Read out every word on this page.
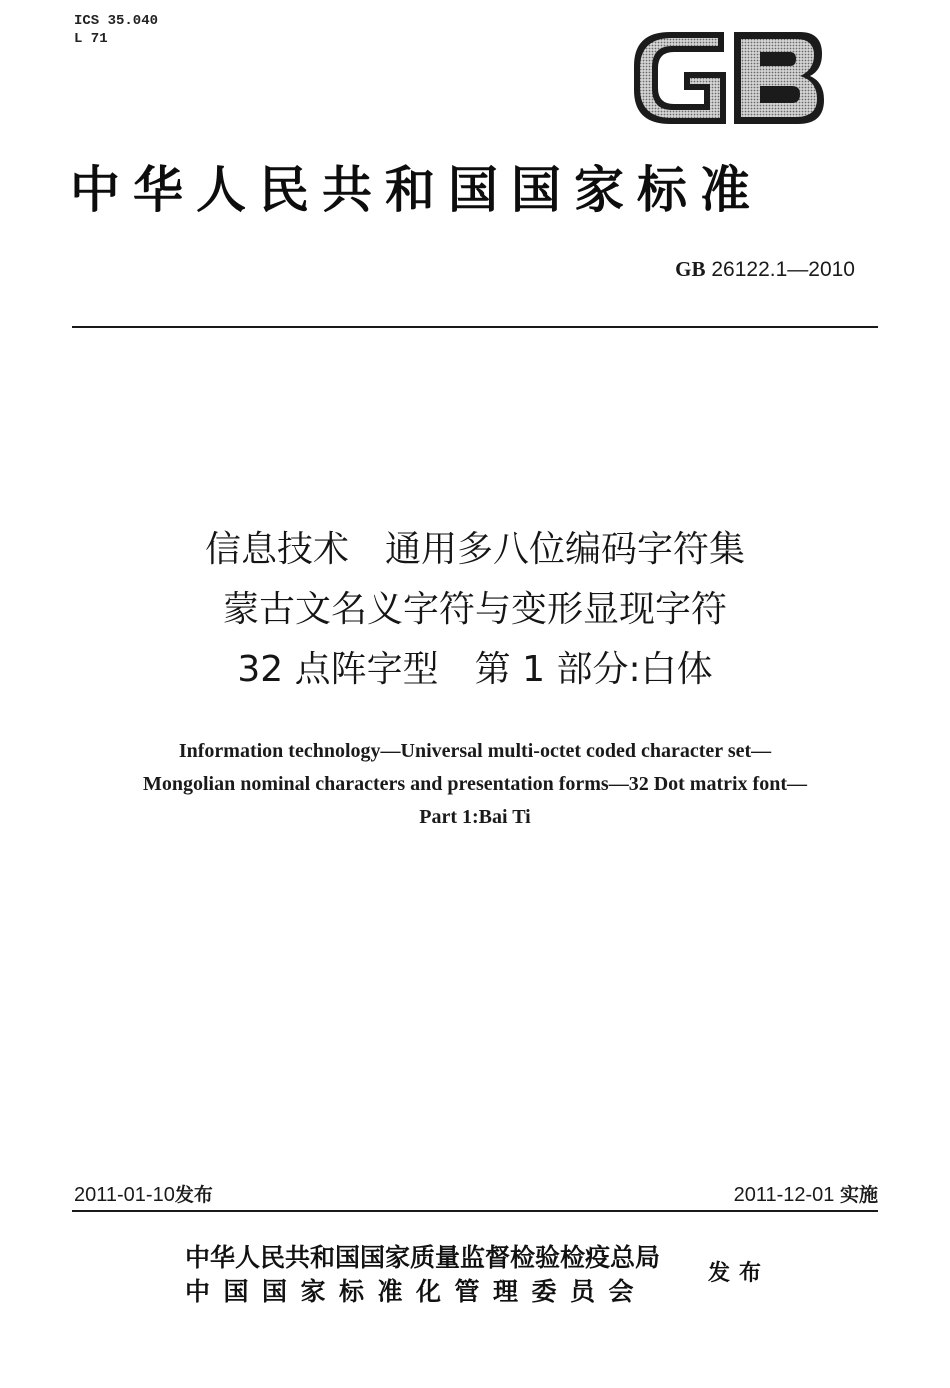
ICS 35.040
L 71
中华人民共和国国家标准
GB 26122.1—2010
信息技术　通用多八位编码字符集
蒙古文名义字符与变形显现字符
32 点阵字型　第 1 部分:白体
Information technology—Universal multi-octet coded character set—
Mongolian nominal characters and presentation forms—32 Dot matrix font—
Part 1:Bai Ti
2011-01-10发布	2011-12-01 实施
中华人民共和国国家质量监督检验检疫总局
中国国家标准化管理委员会
发布
